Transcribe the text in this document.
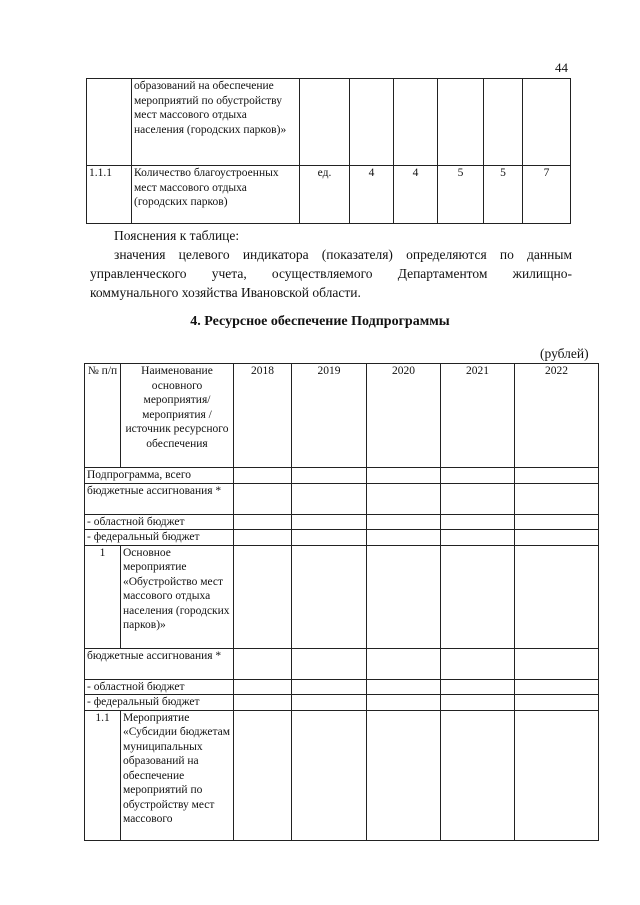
44
	образований на обеспечение мероприятий по обустройству мест массового отдыха населения (городских парков)»						
1.1.1	Количество благоустроенных мест массового отдыха (городских парков)	ед.	4	4	5	5	7
Пояснения к таблице:
значения целевого индикатора (показателя) определяются по данным управленческого учета, осуществляемого Департаментом жилищно-коммунального хозяйства Ивановской области.
4. Ресурсное обеспечение Подпрограммы
(рублей)
№ п/п	Наименование основного мероприятия/ мероприятия /источник ресурсного обеспечения	2018	2019	2020	2021	2022
Подпрограмма, всего						
бюджетные ассигнования *						
- областной бюджет						
- федеральный бюджет						
1	Основное мероприятие «Обустройство мест массового отдыха населения (городских парков)»					
бюджетные ассигнования *						
- областной бюджет						
- федеральный бюджет						
1.1	Мероприятие «Субсидии бюджетам муниципальных образований на обеспечение мероприятий по обустройству мест массового					
